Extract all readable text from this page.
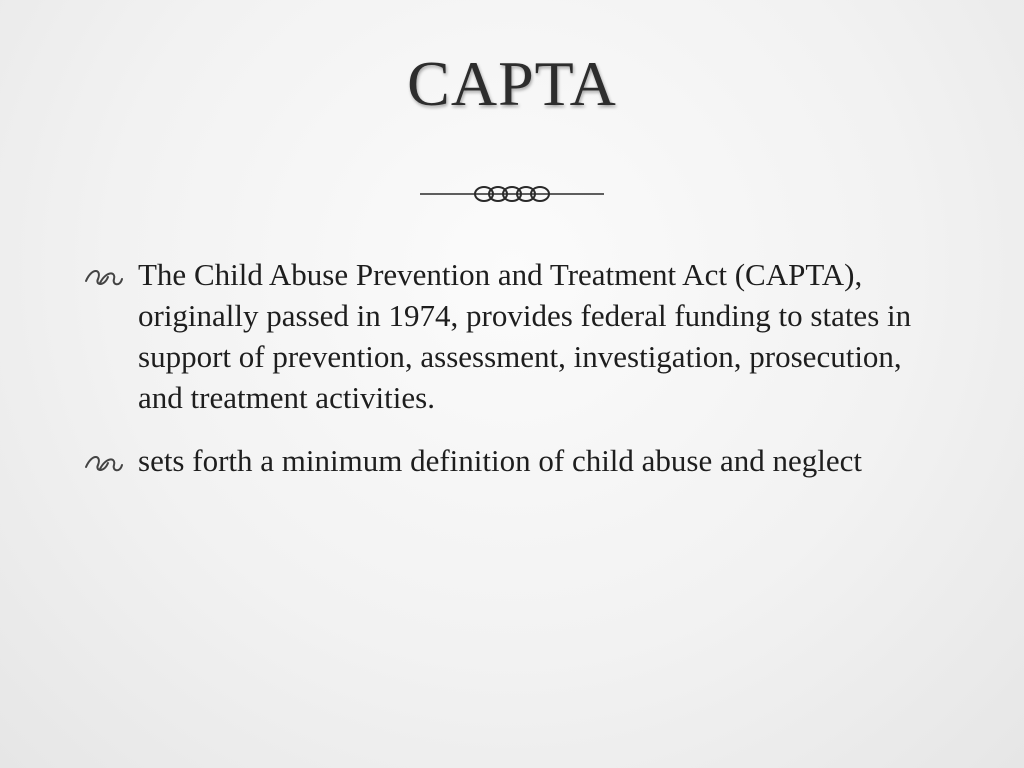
CAPTA
The Child Abuse Prevention and Treatment Act (CAPTA), originally passed in 1974, provides federal funding to states in support of prevention, assessment, investigation, prosecution, and treatment activities.
sets forth a minimum definition of child abuse and neglect
